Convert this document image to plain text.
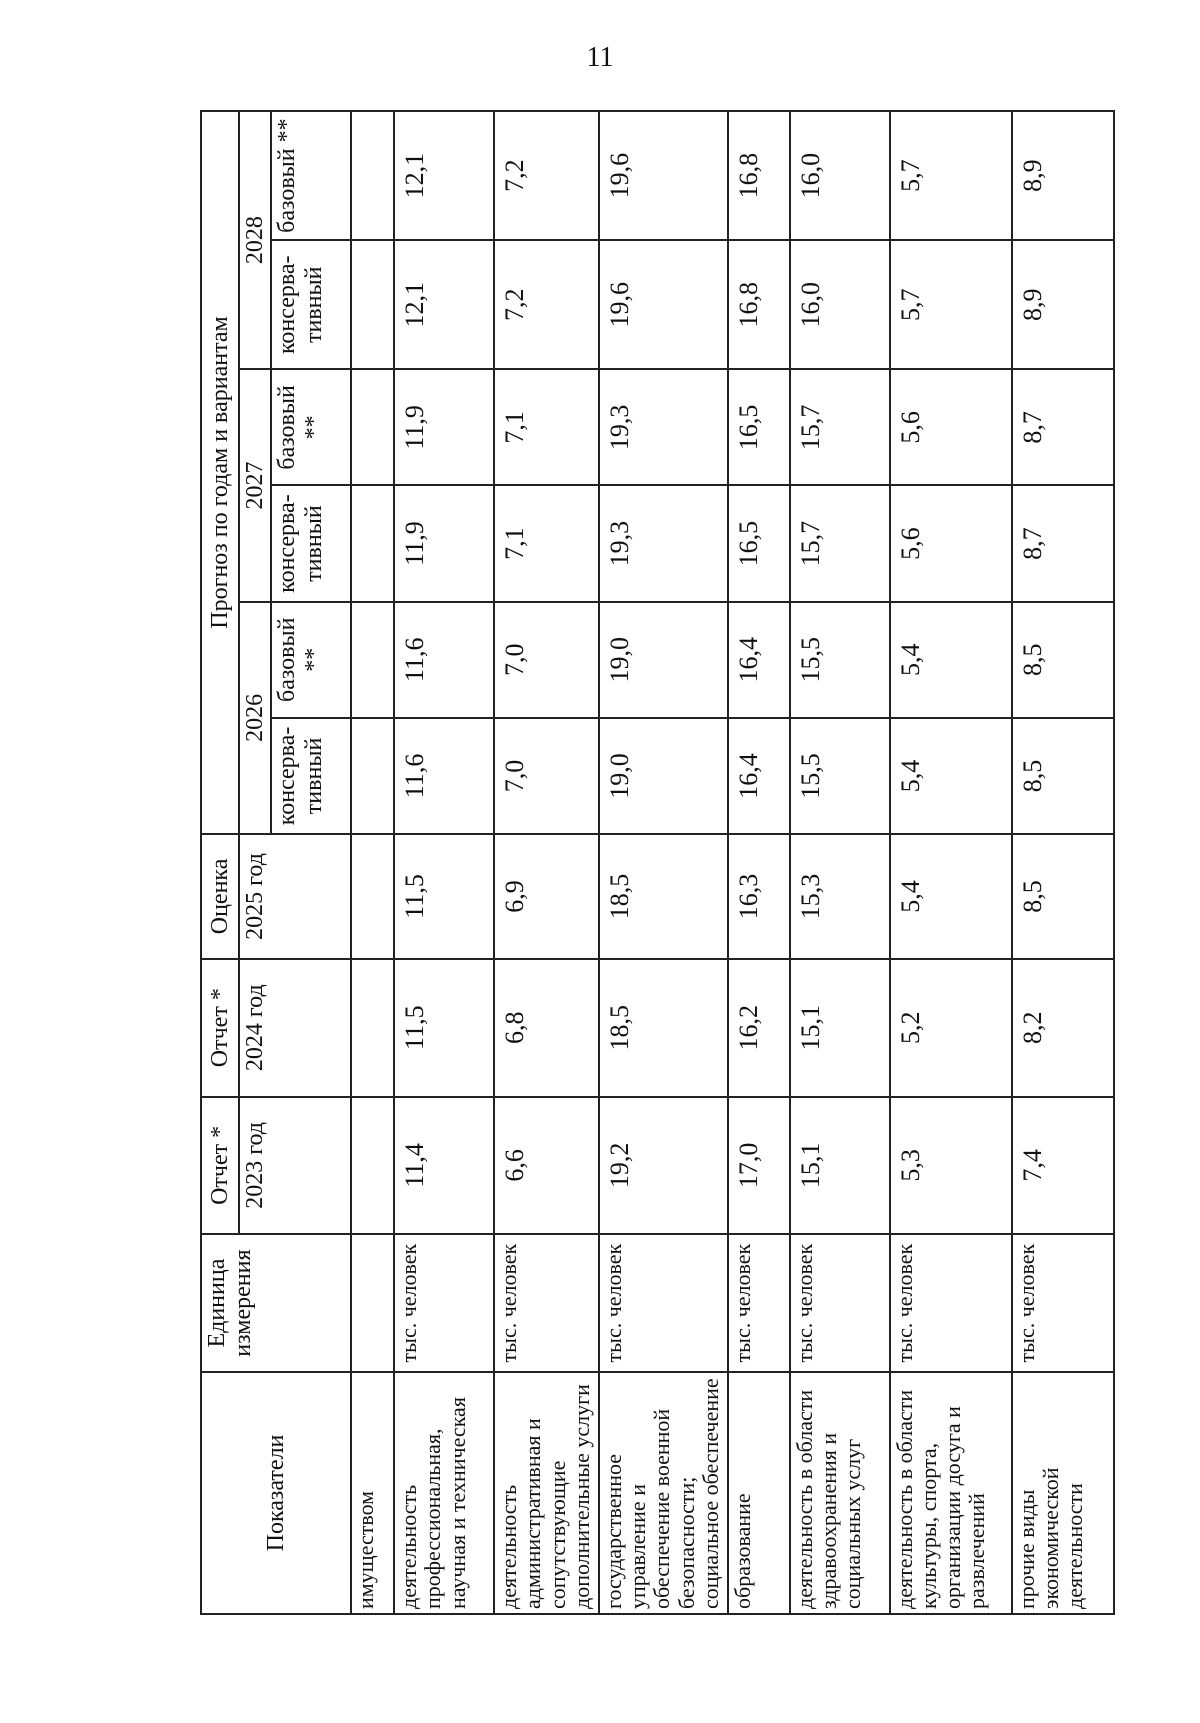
11
Показатели	Единица измерения	Отчет *	Отчет *	Оценка	Прогноз по годам и вариантам					
		2023 год	2024 год	2025 год	2026		2027		2028	
					консерва-тивный	базовый **	консерва-тивный	базовый **	консерва-тивный	базовый **
имуществом										
деятельность профессиональная, научная и техническая	тыс. человек	11,4	11,5	11,5	11,6	11,6	11,9	11,9	12,1	12,1
деятельность административная и сопутствующие дополнительные услуги	тыс. человек	6,6	6,8	6,9	7,0	7,0	7,1	7,1	7,2	7,2
государственное управление и обеспечение военной безопасности; социальное обеспечение	тыс. человек	19,2	18,5	18,5	19,0	19,0	19,3	19,3	19,6	19,6
образование	тыс. человек	17,0	16,2	16,3	16,4	16,4	16,5	16,5	16,8	16,8
деятельность в области здравоохранения и социальных услуг	тыс. человек	15,1	15,1	15,3	15,5	15,5	15,7	15,7	16,0	16,0
деятельность в области культуры, спорта, организации досуга и развлечений	тыс. человек	5,3	5,2	5,4	5,4	5,4	5,6	5,6	5,7	5,7
прочие виды экономической деятельности	тыс. человек	7,4	8,2	8,5	8,5	8,5	8,7	8,7	8,9	8,9
